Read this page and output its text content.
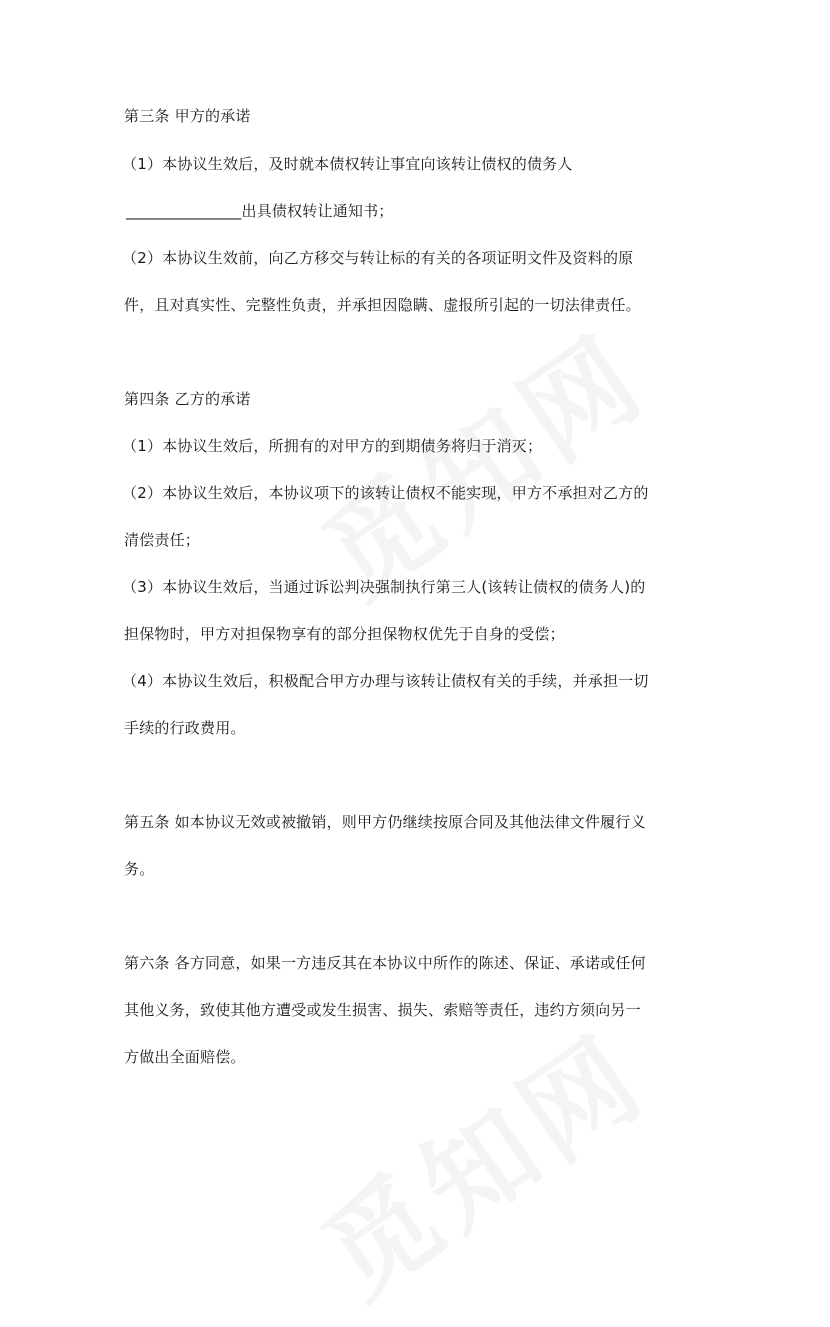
第三条 甲方的承诺
（1）本协议生效后，及时就本债权转让事宜向该转让债权的债务人
_______________出具债权转让通知书；
（2）本协议生效前，向乙方移交与转让标的有关的各项证明文件及资料的原
件，且对真实性、完整性负责，并承担因隐瞒、虚报所引起的一切法律责任。
第四条 乙方的承诺
（1）本协议生效后，所拥有的对甲方的到期债务将归于消灭；
（2）本协议生效后，本协议项下的该转让债权不能实现，甲方不承担对乙方的
清偿责任；
（3）本协议生效后，当通过诉讼判决强制执行第三人(该转让债权的债务人)的
担保物时，甲方对担保物享有的部分担保物权优先于自身的受偿；
（4）本协议生效后，积极配合甲方办理与该转让债权有关的手续，并承担一切
手续的行政费用。
第五条 如本协议无效或被撤销，则甲方仍继续按原合同及其他法律文件履行义
务。
第六条 各方同意，如果一方违反其在本协议中所作的陈述、保证、承诺或任何
其他义务，致使其他方遭受或发生损害、损失、索赔等责任，违约方须向另一
方做出全面赔偿。
